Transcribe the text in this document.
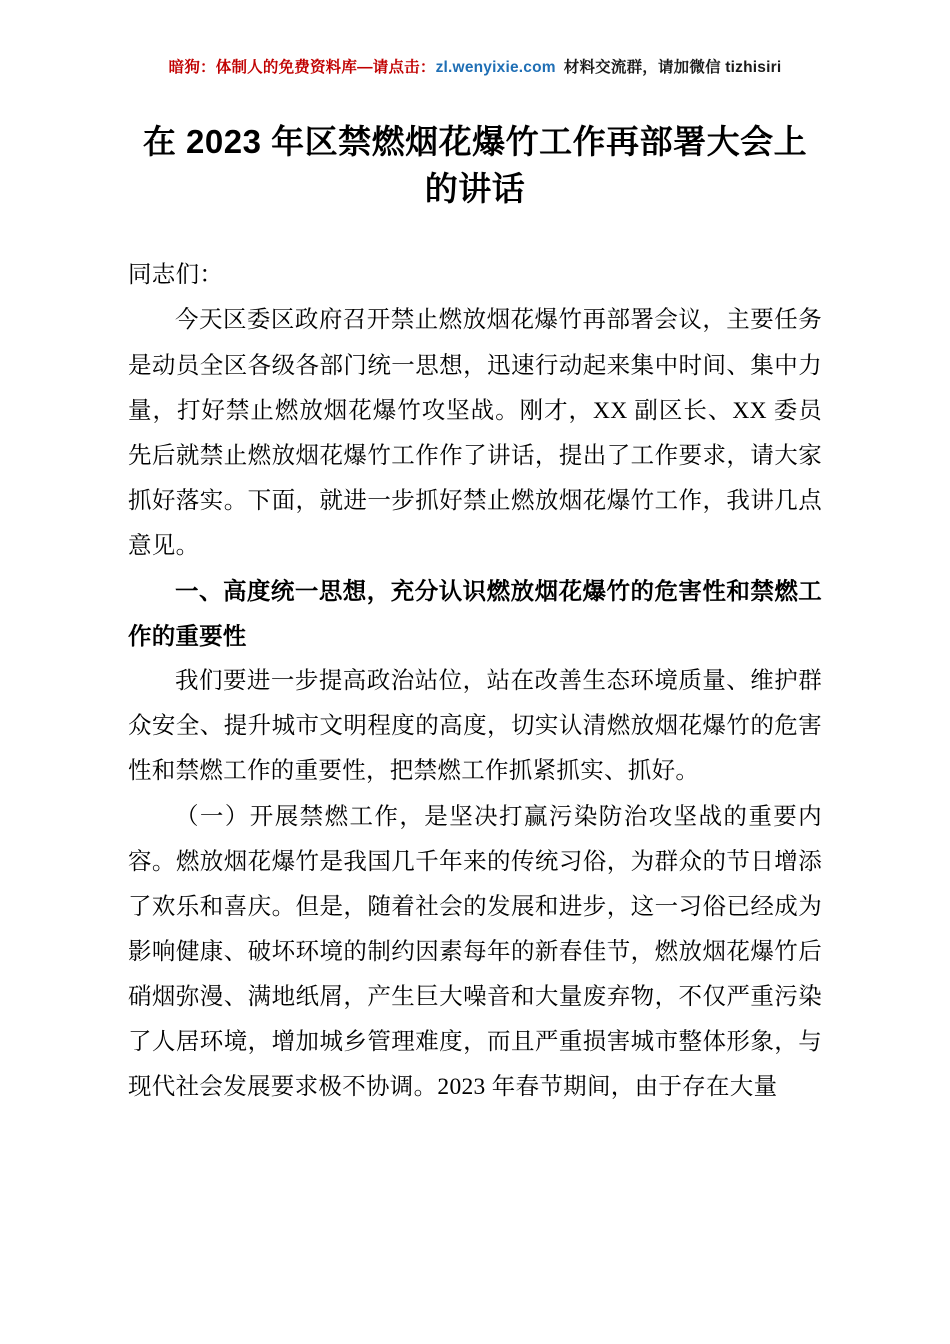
暗狗：体制人的免费资料库—请点击：zl.wenyixie.com 材料交流群，请加微信 tizhisiri
在 2023 年区禁燃烟花爆竹工作再部署大会上的讲话

同志们：

今天区委区政府召开禁止燃放烟花爆竹再部署会议，主要任务是动员全区各级各部门统一思想，迅速行动起来集中时间、集中力量，打好禁止燃放烟花爆竹攻坚战。刚才，XX 副区长、XX 委员先后就禁止燃放烟花爆竹工作作了讲话，提出了工作要求，请大家抓好落实。下面，就进一步抓好禁止燃放烟花爆竹工作，我讲几点意见。

一、高度统一思想，充分认识燃放烟花爆竹的危害性和禁燃工作的重要性

我们要进一步提高政治站位，站在改善生态环境质量、维护群众安全、提升城市文明程度的高度，切实认清燃放烟花爆竹的危害性和禁燃工作的重要性，把禁燃工作抓紧抓实、抓好。

（一）开展禁燃工作，是坚决打赢污染防治攻坚战的重要内容。燃放烟花爆竹是我国几千年来的传统习俗，为群众的节日增添了欢乐和喜庆。但是，随着社会的发展和进步，这一习俗已经成为影响健康、破坏环境的制约因素每年的新春佳节，燃放烟花爆竹后硝烟弥漫、满地纸屑，产生巨大噪音和大量废弃物，不仅严重污染了人居环境，增加城乡管理难度，而且严重损害城市整体形象，与现代社会发展要求极不协调。2023 年春节期间，由于存在大量
